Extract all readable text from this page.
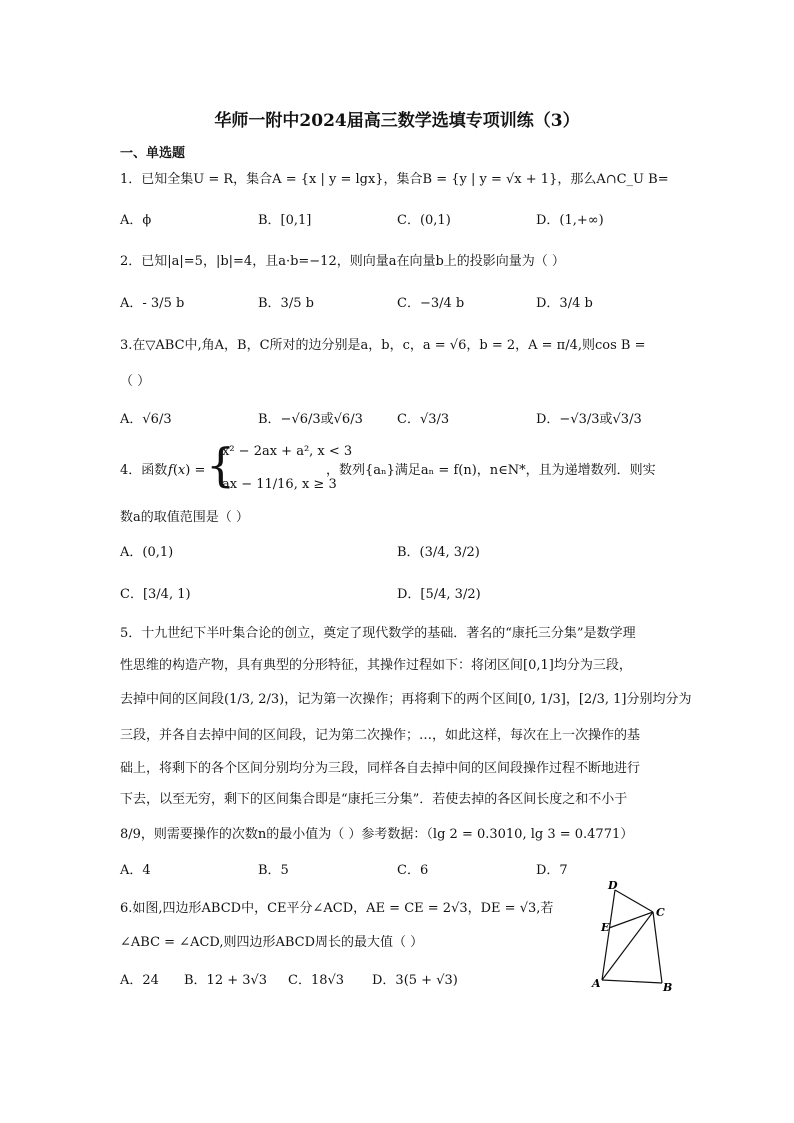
华师一附中2024届高三数学选填专项训练（3）
一、单选题
1．已知全集U = R，集合A = {x | y = lgx}，集合B = {y | y = √x + 1}，那么A∩C_U B=
A．ϕ	B．[0,1]	C．(0,1)	D．(1,+∞)
2．已知|a|=5，|b|=4，且a·b=−12，则向量a在向量b上的投影向量为（ ）
A．- 3/5 b	B．3/5 b	C．−3/4 b	D．3/4 b
3.在▽ABC中,角A，B，C所对的边分别是a，b，c，a = √6，b = 2，A = π/4,则cos B =
（ ）
A．√6/3	B．−√6/3或√6/3	C．√3/3	D．−√3/3或√3/3
4．函数 f(x) = {
x² − 2ax + a², x < 3
ax − 11/16, x ≥ 3
，数列{aₙ}满足aₙ = f(n)，n∈N*，且为递增数列．则实
数a的取值范围是（ ）
A．(0,1)	B．(3/4, 3/2)
C．[3/4, 1)	D．[5/4, 3/2)
5．十九世纪下半叶集合论的创立，奠定了现代数学的基础．著名的“康托三分集”是数学理
性思维的构造产物，具有典型的分形特征，其操作过程如下：将闭区间[0,1]均分为三段，
去掉中间的区间段(1/3, 2/3)，记为第一次操作；再将剩下的两个区间[0, 1/3]，[2/3, 1]分别均分为
三段，并各自去掉中间的区间段，记为第二次操作；…，如此这样，每次在上一次操作的基
础上，将剩下的各个区间分别均分为三段，同样各自去掉中间的区间段操作过程不断地进行
下去，以至无穷，剩下的区间集合即是“康托三分集”．若使去掉的各区间长度之和不小于
8/9，则需要操作的次数n的最小值为（ ）参考数据：（lg 2 = 0.3010, lg 3 = 0.4771）
A．4	B．5	C．6	D．7
6.如图,四边形ABCD中，CE平分∠ACD，AE = CE = 2√3，DE = √3,若
∠ABC = ∠ACD,则四边形ABCD周长的最大值（ ）
A．24 B．12 + 3√3 C．18√3 D．3(5 + √3)
D
C
E
A	B
